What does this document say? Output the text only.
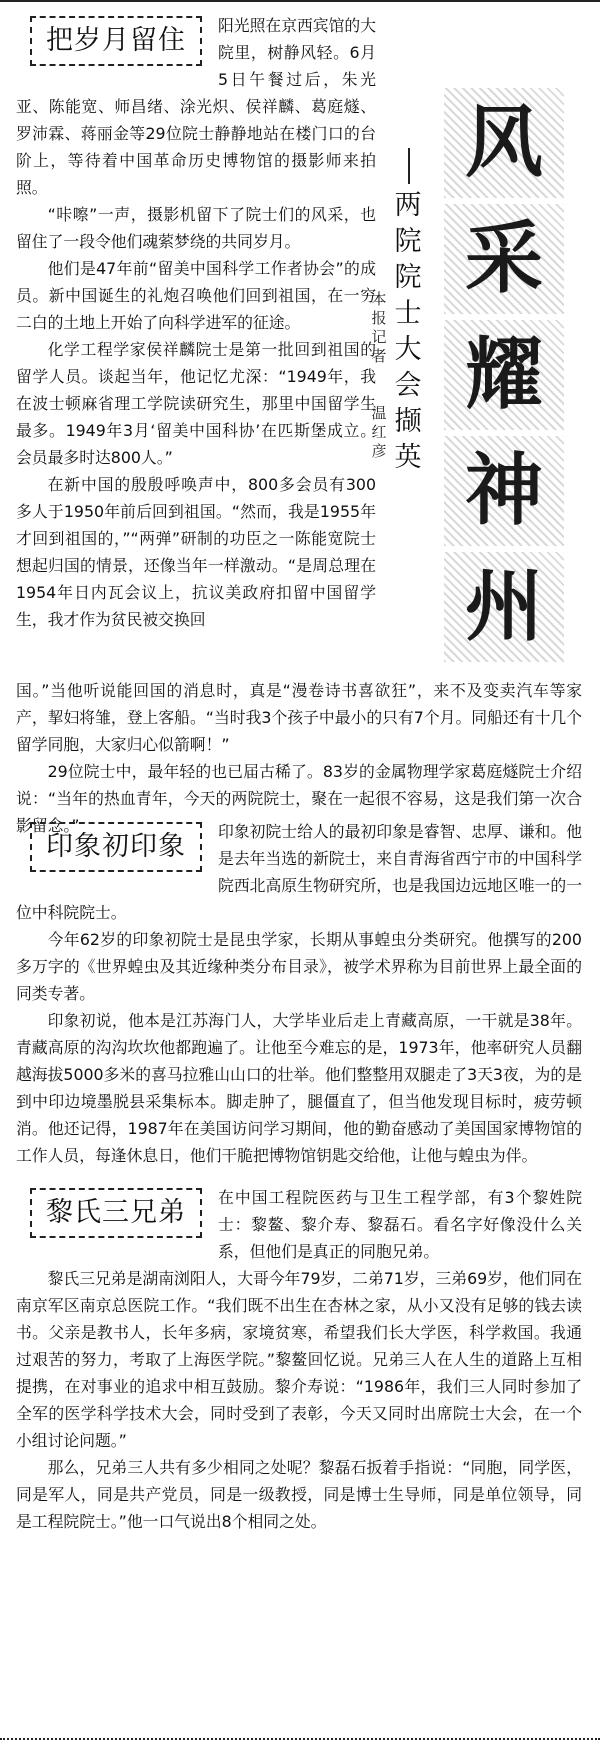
风
采
耀
神
州
两
院
院
士
大
会
撷
英
本
报
记
者
温
红
彦

把岁月留住	阳光照在京西宾馆的大院里，树静风轻。6月5日午餐过后，朱光亚、陈能宽、师昌绪、涂光炽、侯祥麟、葛庭燧、罗沛霖、蒋丽金等29位院士静静地站在楼门口的台阶上，等待着中国革命历史博物馆的摄影师来拍照。

“咔嚓”一声，摄影机留下了院士们的风采，也留住了一段令他们魂萦梦绕的共同岁月。

他们是47年前“留美中国科学工作者协会”的成员。新中国诞生的礼炮召唤他们回到祖国，在一穷二白的土地上开始了向科学进军的征途。

化学工程学家侯祥麟院士是第一批回到祖国的留学人员。谈起当年，他记忆尤深：“1949年，我在波士顿麻省理工学院读研究生，那里中国留学生最多。1949年3月‘留美中国科协’在匹斯堡成立。会员最多时达800人。”

在新中国的殷殷呼唤声中，800多会员有300多人于1950年前后回到祖国。“然而，我是1955年才回到祖国的，”“两弹”研制的功臣之一陈能宽院士想起归国的情景，还像当年一样激动。“是周总理在1954年日内瓦会议上，抗议美政府扣留中国留学生，我才作为贫民被交换回

国。”当他听说能回国的消息时，真是“漫卷诗书喜欲狂”，来不及变卖汽车等家产，挈妇将雏，登上客船。“当时我3个孩子中最小的只有7个月。同船还有十几个留学同胞，大家归心似箭啊！”

29位院士中，最年轻的也已届古稀了。83岁的金属物理学家葛庭燧院士介绍说：“当年的热血青年，今天的两院院士，聚在一起很不容易，这是我们第一次合影留念。”

印象初印象	印象初院士给人的最初印象是睿智、忠厚、谦和。他是去年当选的新院士，来自青海省西宁市的中国科学院西北高原生物研究所，也是我国边远地区唯一的一位中科院院士。

今年62岁的印象初院士是昆虫学家，长期从事蝗虫分类研究。他撰写的200多万字的《世界蝗虫及其近缘种类分布目录》，被学术界称为目前世界上最全面的同类专著。

印象初说，他本是江苏海门人，大学毕业后走上青藏高原，一干就是38年。青藏高原的沟沟坎坎他都跑遍了。让他至今难忘的是，1973年，他率研究人员翻越海拔5000多米的喜马拉雅山山口的壮举。他们整整用双腿走了3天3夜，为的是到中印边境墨脱县采集标本。脚走肿了，腿僵直了，但当他发现目标时，疲劳顿消。他还记得，1987年在美国访问学习期间，他的勤奋感动了美国国家博物馆的工作人员，每逢休息日，他们干脆把博物馆钥匙交给他，让他与蝗虫为伴。

黎氏三兄弟	在中国工程院医药与卫生工程学部，有3个黎姓院士：黎鳌、黎介寿、黎磊石。看名字好像没什么关系，但他们是真正的同胞兄弟。

黎氏三兄弟是湖南浏阳人，大哥今年79岁，二弟71岁，三弟69岁，他们同在南京军区南京总医院工作。“我们既不出生在杏林之家，从小又没有足够的钱去读书。父亲是教书人，长年多病，家境贫寒，希望我们长大学医，科学救国。我通过艰苦的努力，考取了上海医学院。”黎鳌回忆说。兄弟三人在人生的道路上互相提携，在对事业的追求中相互鼓励。黎介寿说：“1986年，我们三人同时参加了全军的医学科学技术大会，同时受到了表彰，今天又同时出席院士大会，在一个小组讨论问题。”

那么，兄弟三人共有多少相同之处呢？黎磊石扳着手指说：“同胞，同学医，同是军人，同是共产党员，同是一级教授，同是博士生导师，同是单位领导，同是工程院院士。”他一口气说出8个相同之处。
